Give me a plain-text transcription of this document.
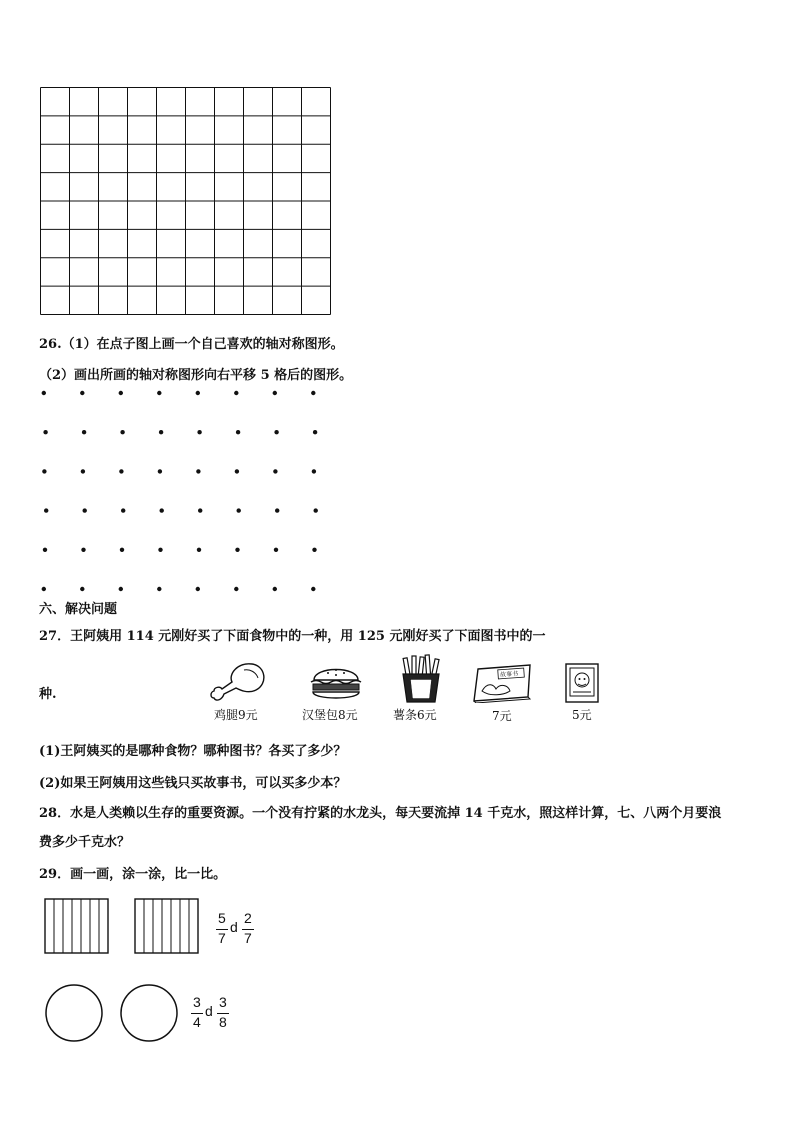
26.（1）在点子图上画一个自己喜欢的轴对称图形。
（2）画出所画的轴对称图形向右平移 5 格后的图形。
六、解决问题
27．王阿姨用 114 元刚好买了下面食物中的一种，用 125 元刚好买了下面图书中的一
种.
鸡腿9元	汉堡包8元	薯条6元
故事书
7元	5元
(1)王阿姨买的是哪种食物？哪种图书？各买了多少？
(2)如果王阿姨用这些钱只买故事书，可以买多少本？
28．水是人类赖以生存的重要资源。一个没有拧紧的水龙头，每天要流掉 14 千克水，照这样计算，七、八两个月要浪
费多少千克水？
29．画一画，涂一涂，比一比。
5
7
d
2
7
3
4
d
3
8
